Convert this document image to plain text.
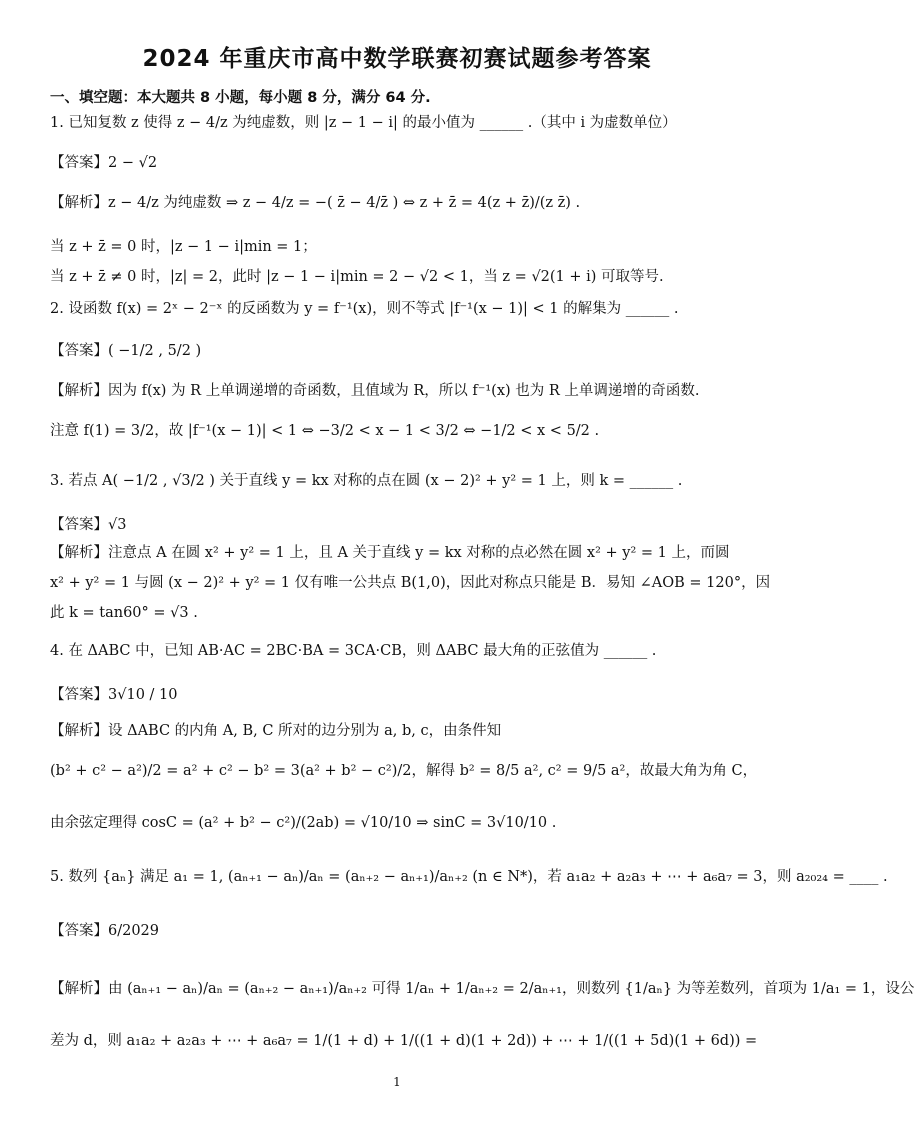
2024 年重庆市高中数学联赛初赛试题参考答案
一、填空题：本大题共 8 小题，每小题 8 分，满分 64 分.
1. 已知复数 z 使得 z − 4/z 为纯虚数，则 |z − 1 − i| 的最小值为 ______ .（其中 i 为虚数单位）
【答案】2 − √2
【解析】z − 4/z 为纯虚数 ⇒ z − 4/z = −( z̄ − 4/z̄ ) ⇔ z + z̄ = 4(z + z̄)/(z z̄) .
当 z + z̄ = 0 时，|z − 1 − i|min = 1；
当 z + z̄ ≠ 0 时，|z| = 2，此时 |z − 1 − i|min = 2 − √2 < 1，当 z = √2(1 + i) 可取等号.
2. 设函数 f(x) = 2ˣ − 2⁻ˣ 的反函数为 y = f⁻¹(x)，则不等式 |f⁻¹(x − 1)| < 1 的解集为 ______ .
【答案】( −1/2 , 5/2 )
【解析】因为 f(x) 为 R 上单调递增的奇函数，且值域为 R，所以 f⁻¹(x) 也为 R 上单调递增的奇函数.
注意 f(1) = 3/2，故 |f⁻¹(x − 1)| < 1 ⇔ −3/2 < x − 1 < 3/2 ⇔ −1/2 < x < 5/2 .
3. 若点 A( −1/2 , √3/2 ) 关于直线 y = kx 对称的点在圆 (x − 2)² + y² = 1 上，则 k = ______ .
【答案】√3
【解析】注意点 A 在圆 x² + y² = 1 上，且 A 关于直线 y = kx 对称的点必然在圆 x² + y² = 1 上，而圆
x² + y² = 1 与圆 (x − 2)² + y² = 1 仅有唯一公共点 B(1,0)，因此对称点只能是 B．易知 ∠AOB = 120°，因
此 k = tan60° = √3 .
4. 在 ΔABC 中，已知 AB·AC = 2BC·BA = 3CA·CB，则 ΔABC 最大角的正弦值为 ______ .
【答案】3√10 / 10
【解析】设 ΔABC 的内角 A, B, C 所对的边分别为 a, b, c，由条件知
(b² + c² − a²)/2 = a² + c² − b² = 3(a² + b² − c²)/2，解得 b² = 8/5 a², c² = 9/5 a²，故最大角为角 C，
由余弦定理得 cosC = (a² + b² − c²)/(2ab) = √10/10 ⇒ sinC = 3√10/10 .
5. 数列 {aₙ} 满足 a₁ = 1, (aₙ₊₁ − aₙ)/aₙ = (aₙ₊₂ − aₙ₊₁)/aₙ₊₂ (n ∈ N*)，若 a₁a₂ + a₂a₃ + ⋯ + a₆a₇ = 3，则 a₂₀₂₄ = ____ .
【答案】6/2029
【解析】由 (aₙ₊₁ − aₙ)/aₙ = (aₙ₊₂ − aₙ₊₁)/aₙ₊₂ 可得 1/aₙ + 1/aₙ₊₂ = 2/aₙ₊₁，则数列 {1/aₙ} 为等差数列，首项为 1/a₁ = 1，设公
差为 d，则 a₁a₂ + a₂a₃ + ⋯ + a₆a₇ = 1/(1 + d) + 1/((1 + d)(1 + 2d)) + ⋯ + 1/((1 + 5d)(1 + 6d)) =
1
